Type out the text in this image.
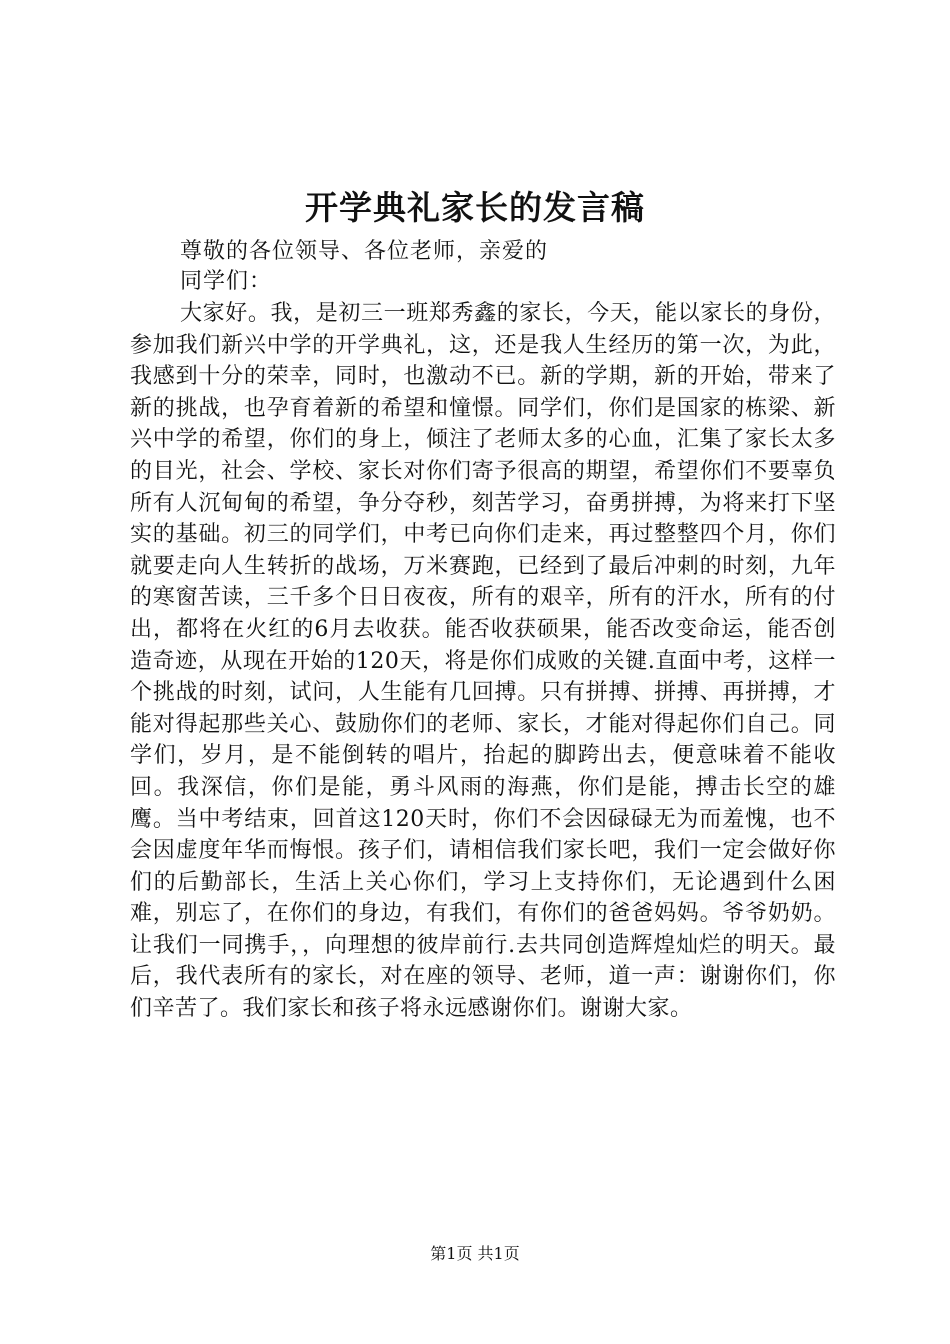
开学典礼家长的发言稿

尊敬的各位领导、各位老师，亲爱的

同学们：

大家好。我，是初三一班郑秀鑫的家长，今天，能以家长的身份，参加我们新兴中学的开学典礼，这，还是我人生经历的第一次，为此，我感到十分的荣幸，同时，也激动不已。新的学期，新的开始，带来了新的挑战，也孕育着新的希望和憧憬。同学们，你们是国家的栋梁、新兴中学的希望，你们的身上，倾注了老师太多的心血，汇集了家长太多的目光，社会、学校、家长对你们寄予很高的期望，希望你们不要辜负所有人沉甸甸的希望，争分夺秒，刻苦学习，奋勇拼搏，为将来打下坚实的基础。初三的同学们，中考已向你们走来，再过整整四个月，你们就要走向人生转折的战场，万米赛跑，已经到了最后冲刺的时刻，九年的寒窗苦读，三千多个日日夜夜，所有的艰辛，所有的汗水，所有的付出，都将在火红的6月去收获。能否收获硕果，能否改变命运，能否创造奇迹，从现在开始的120天，将是你们成败的关键.直面中考，这样一个挑战的时刻，试问，人生能有几回搏。只有拼搏、拼搏、再拼搏，才能对得起那些关心、鼓励你们的老师、家长，才能对得起你们自己。同学们，岁月，是不能倒转的唱片，抬起的脚跨出去，便意味着不能收回。我深信，你们是能，勇斗风雨的海燕，你们是能，搏击长空的雄鹰。当中考结束，回首这120天时，你们不会因碌碌无为而羞愧，也不会因虚度年华而悔恨。孩子们，请相信我们家长吧，我们一定会做好你们的后勤部长，生活上关心你们，学习上支持你们，无论遇到什么困难，别忘了，在你们的身边，有我们，有你们的爸爸妈妈。爷爷奶奶。让我们一同携手，，向理想的彼岸前行.去共同创造辉煌灿烂的明天。最后，我代表所有的家长，对在座的领导、老师，道一声：谢谢你们，你们辛苦了。我们家长和孩子将永远感谢你们。谢谢大家。

第1页 共1页
